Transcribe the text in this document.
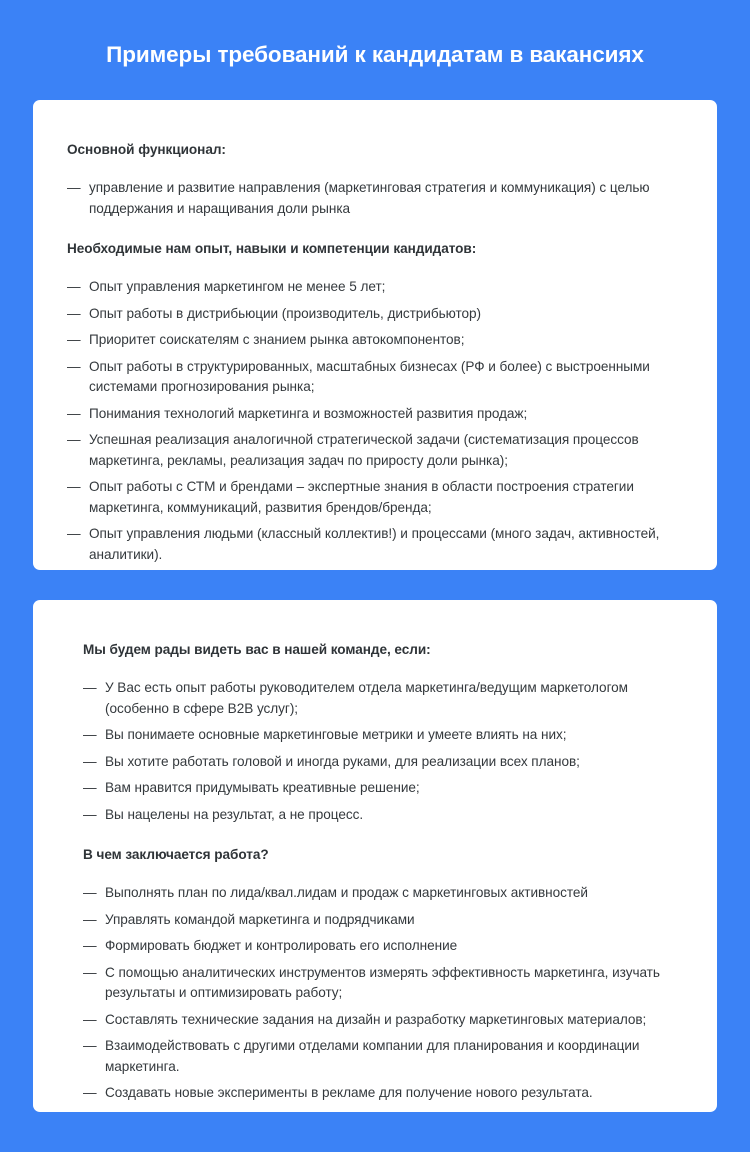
Примеры требований к кандидатам в вакансиях
Основной функционал:
— управление и развитие направления (маркетинговая стратегия и коммуникация) с целью поддержания и наращивания доли рынка
Необходимые нам опыт, навыки и компетенции кандидатов:
— Опыт управления маркетингом не менее 5 лет;
— Опыт работы в дистрибьюции (производитель, дистрибьютор)
— Приоритет соискателям с знанием рынка автокомпонентов;
— Опыт работы в структурированных, масштабных бизнесах (РФ и более) с выстроенными системами прогнозирования рынка;
— Понимания технологий маркетинга и возможностей развития продаж;
— Успешная реализация аналогичной стратегической задачи (систематизация процессов маркетинга, рекламы, реализация задач по приросту доли рынка);
— Опыт работы с СТМ и брендами – экспертные знания в области построения стратегии маркетинга, коммуникаций, развития брендов/бренда;
— Опыт управления людьми (классный коллектив!) и процессами (много задач, активностей, аналитики).
Мы будем рады видеть вас в нашей команде, если:
— У Вас есть опыт работы руководителем отдела маркетинга/ведущим маркетологом (особенно в сфере B2B услуг);
— Вы понимаете основные маркетинговые метрики и умеете влиять на них;
— Вы хотите работать головой и иногда руками, для реализации всех планов;
— Вам нравится придумывать креативные решение;
— Вы нацелены на результат, а не процесс.
В чем заключается работа?
— Выполнять план по лида/квал.лидам и продаж с маркетинговых активностей
— Управлять командой маркетинга и подрядчиками
— Формировать бюджет и контролировать его исполнение
— С помощью аналитических инструментов измерять эффективность маркетинга, изучать результаты и оптимизировать работу;
— Составлять технические задания на дизайн и разработку маркетинговых материалов;
— Взаимодействовать с другими отделами компании для планирования и координации маркетинга.
— Создавать новые эксперименты в рекламе для получение нового результата.
